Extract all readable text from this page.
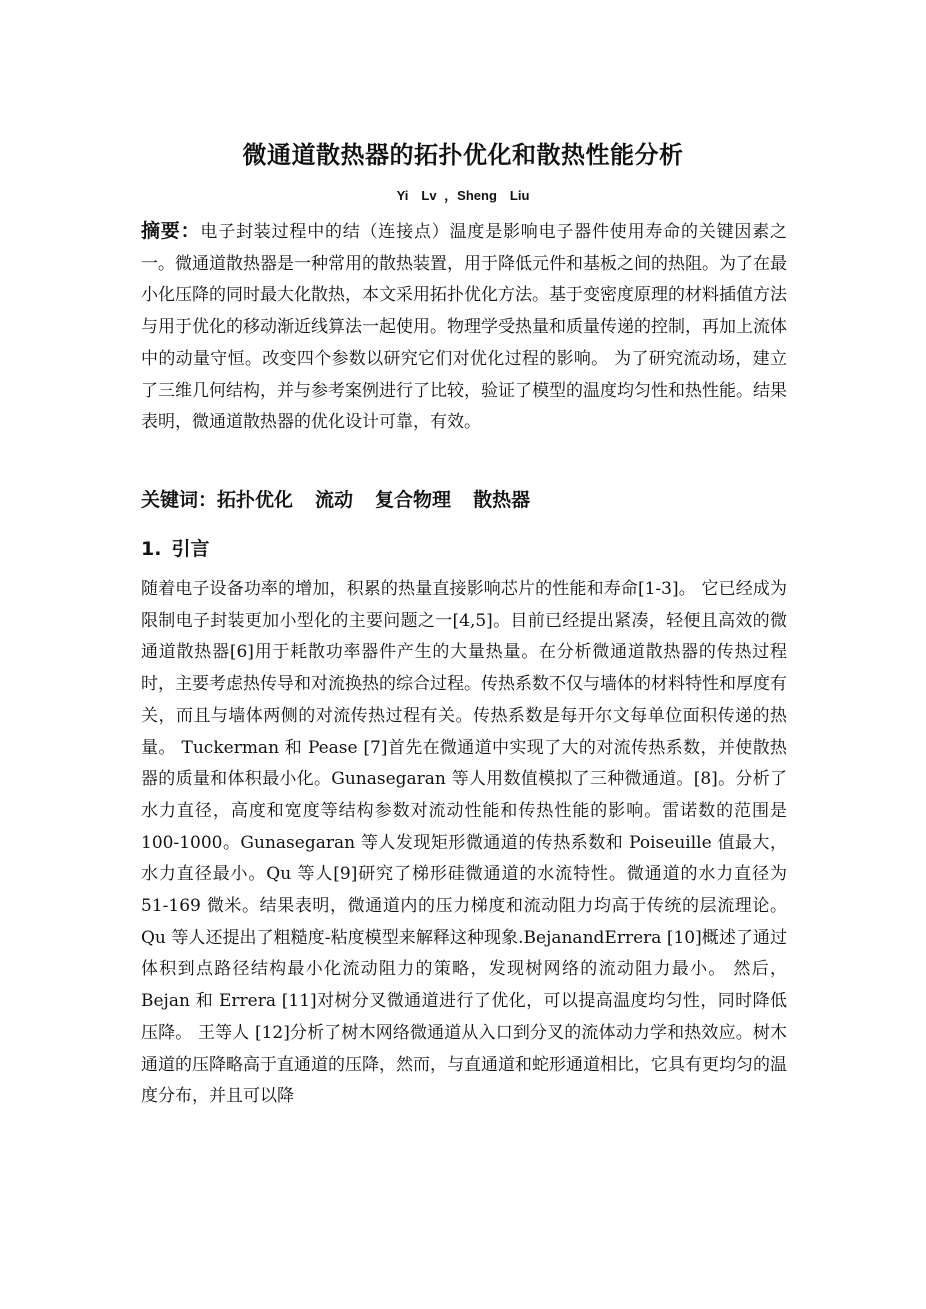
微通道散热器的拓扑优化和散热性能分析
Yi　Lv ，Sheng　Liu
摘要：电子封装过程中的结（连接点）温度是影响电子器件使用寿命的关键因素之一。微通道散热器是一种常用的散热装置，用于降低元件和基板之间的热阻。为了在最小化压降的同时最大化散热，本文采用拓扑优化方法。基于变密度原理的材料插值方法与用于优化的移动渐近线算法一起使用。物理学受热量和质量传递的控制，再加上流体中的动量守恒。改变四个参数以研究它们对优化过程的影响。 为了研究流动场，建立了三维几何结构，并与参考案例进行了比较，验证了模型的温度均匀性和热性能。结果表明，微通道散热器的优化设计可靠，有效。
关键词：拓扑优化 流动 复合物理 散热器
1. 引言
随着电子设备功率的增加，积累的热量直接影响芯片的性能和寿命[1-3]。 它已经成为限制电子封装更加小型化的主要问题之一[4,5]。目前已经提出紧凑，轻便且高效的微通道散热器[6]用于耗散功率器件产生的大量热量。在分析微通道散热器的传热过程时，主要考虑热传导和对流换热的综合过程。传热系数不仅与墙体的材料特性和厚度有关，而且与墙体两侧的对流传热过程有关。传热系数是每开尔文每单位面积传递的热量。 Tuckerman 和 Pease [7]首先在微通道中实现了大的对流传热系数，并使散热器的质量和体积最小化。Gunasegaran 等人用数值模拟了三种微通道。[8]。分析了水力直径，高度和宽度等结构参数对流动性能和传热性能的影响。雷诺数的范围是 100-1000。Gunasegaran 等人发现矩形微通道的传热系数和 Poiseuille 值最大，水力直径最小。Qu 等人[9]研究了梯形硅微通道的水流特性。微通道的水力直径为 51-169 微米。结果表明，微通道内的压力梯度和流动阻力均高于传统的层流理论。Qu 等人还提出了粗糙度-粘度模型来解释这种现象.BejanandErrera [10]概述了通过体积到点路径结构最小化流动阻力的策略，发现树网络的流动阻力最小。 然后，Bejan 和 Errera [11]对树分叉微通道进行了优化，可以提高温度均匀性，同时降低压降。 王等人 [12]分析了树木网络微通道从入口到分叉的流体动力学和热效应。树木通道的压降略高于直通道的压降，然而，与直通道和蛇形通道相比，它具有更均匀的温度分布，并且可以降
